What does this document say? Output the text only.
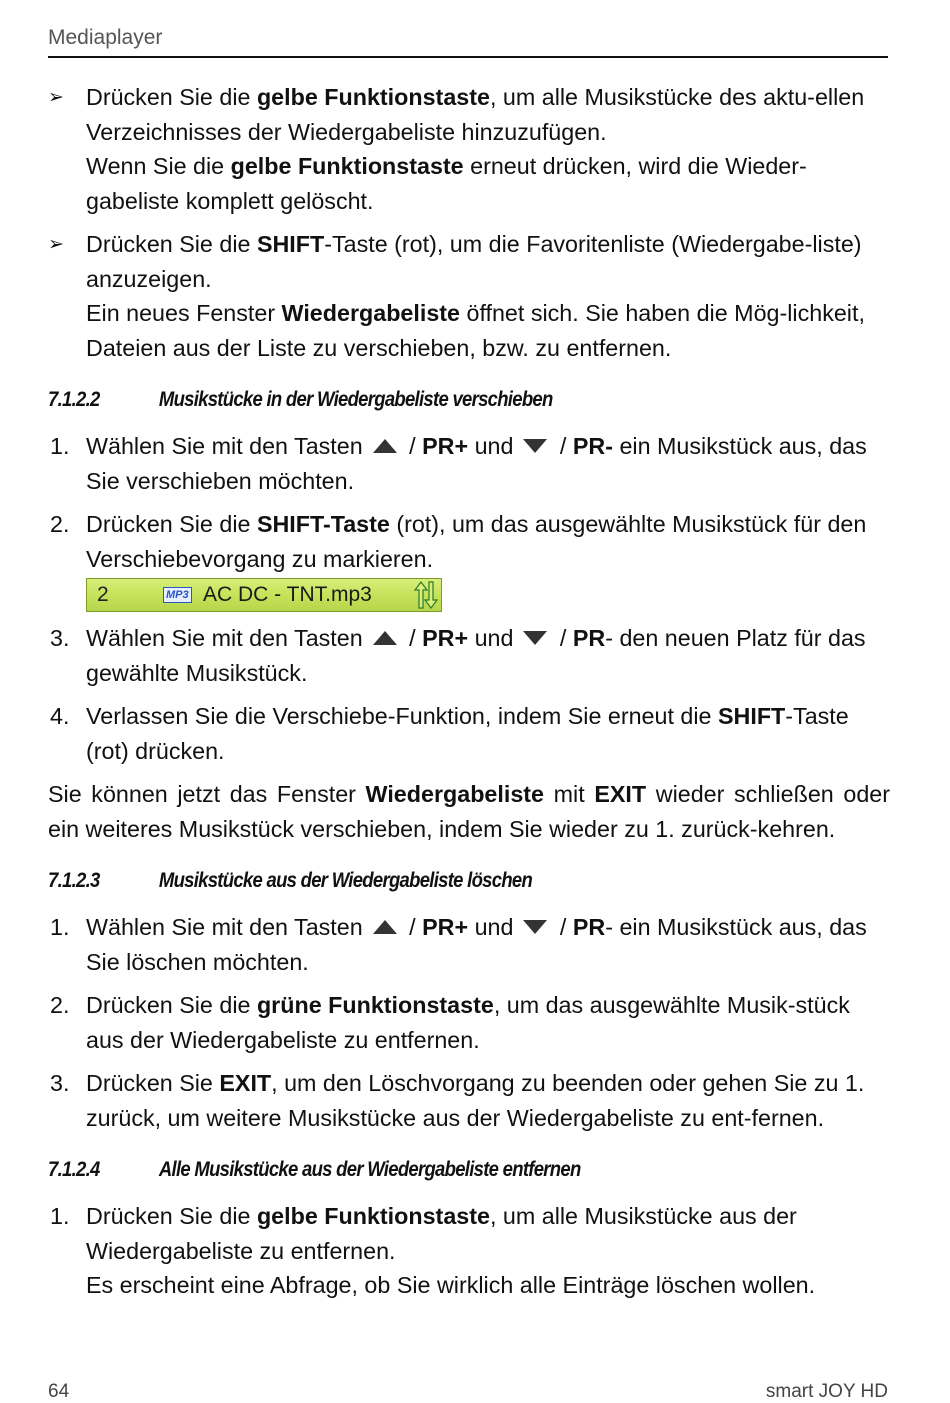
Mediaplayer
➢ Drücken Sie die gelbe Funktionstaste, um alle Musikstücke des aktu-ellen Verzeichnisses der Wiedergabeliste hinzuzufügen.
Wenn Sie die gelbe Funktionstaste erneut drücken, wird die Wieder-gabeliste komplett gelöscht.
➢ Drücken Sie die SHIFT-Taste (rot), um die Favoritenliste (Wiedergabe-liste) anzuzeigen.
Ein neues Fenster Wiedergabeliste öffnet sich. Sie haben die Mög-lichkeit, Dateien aus der Liste zu verschieben, bzw. zu entfernen.
7.1.2.2	Musikstücke in der Wiedergabeliste verschieben
1. Wählen Sie mit den Tasten / PR+ und / PR- ein Musikstück aus, das Sie verschieben möchten.
2. Drücken Sie die SHIFT-Taste (rot), um das ausgewählte Musikstück für den Verschiebevorgang zu markieren.
2	MP3 AC DC - TNT.mp3
3. Wählen Sie mit den Tasten / PR+ und / PR- den neuen Platz für das gewählte Musikstück.
4. Verlassen Sie die Verschiebe-Funktion, indem Sie erneut die SHIFT-Taste (rot) drücken.
Sie können jetzt das Fenster Wiedergabeliste mit EXIT wieder schließen oder ein weiteres Musikstück verschieben, indem Sie wieder zu 1. zurück-kehren.
7.1.2.3	Musikstücke aus der Wiedergabeliste löschen
1. Wählen Sie mit den Tasten / PR+ und / PR- ein Musikstück aus, das Sie löschen möchten.
2. Drücken Sie die grüne Funktionstaste, um das ausgewählte Musik-stück aus der Wiedergabeliste zu entfernen.
3. Drücken Sie EXIT, um den Löschvorgang zu beenden oder gehen Sie zu 1. zurück, um weitere Musikstücke aus der Wiedergabeliste zu ent-fernen.
7.1.2.4	Alle Musikstücke aus der Wiedergabeliste entfernen
1. Drücken Sie die gelbe Funktionstaste, um alle Musikstücke aus der Wiedergabeliste zu entfernen.
Es erscheint eine Abfrage, ob Sie wirklich alle Einträge löschen wollen.
64	smart JOY HD
